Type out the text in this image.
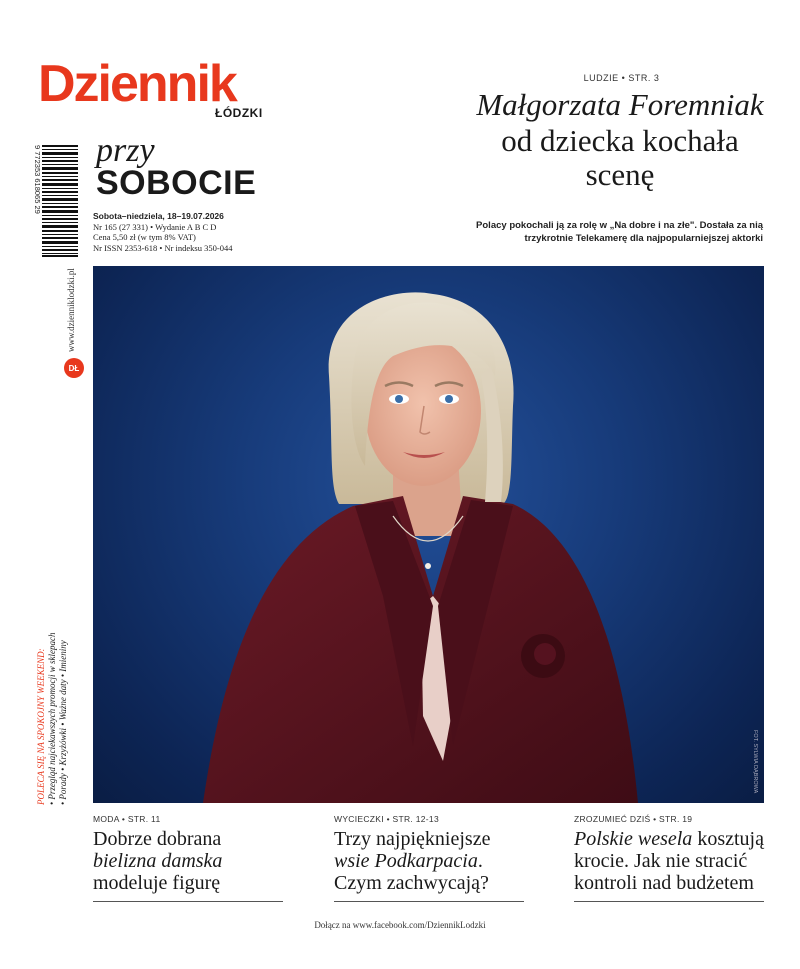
Dziennik
ŁÓDZKI
przy
SOBOCIE
Sobota–niedziela, 18–19.07.2026
Nr 165 (27 331) • Wydanie A B C D
Cena 5,50 zł (w tym 8% VAT)
Nr ISSN 2353-618 • Nr indeksu 350-044
9 772353 618065 29
www.dzienniklodzki.pl
DŁ
POLECA SIĘ NA SPOKOJNY WEEKEND: • Przegląd najciekawszych promocji w sklepach • Porady • Krzyżówki • Ważne daty • Imieniny
LUDZIE • STR. 3
Małgorzata Foremniak
od dziecka kochała scenę
Polacy pokochali ją za rolę w „Na dobre i na złe". Dostała za nią trzykrotnie Telekamerę dla najpopularniejszej aktorki
FOT. SYLWIA DĄBROWA
MODA • STR. 11
Dobrze dobrana
bielizna damska
modeluje figurę
WYCIECZKI • STR. 12-13
Trzy najpiękniejsze
wsie Podkarpacia. Czym zachwycają?
ZROZUMIEĆ DZIŚ • STR. 19
Polskie wesela kosztują krocie. Jak nie stracić kontroli nad budżetem
Dołącz na www.facebook.com/DziennikLodzki
